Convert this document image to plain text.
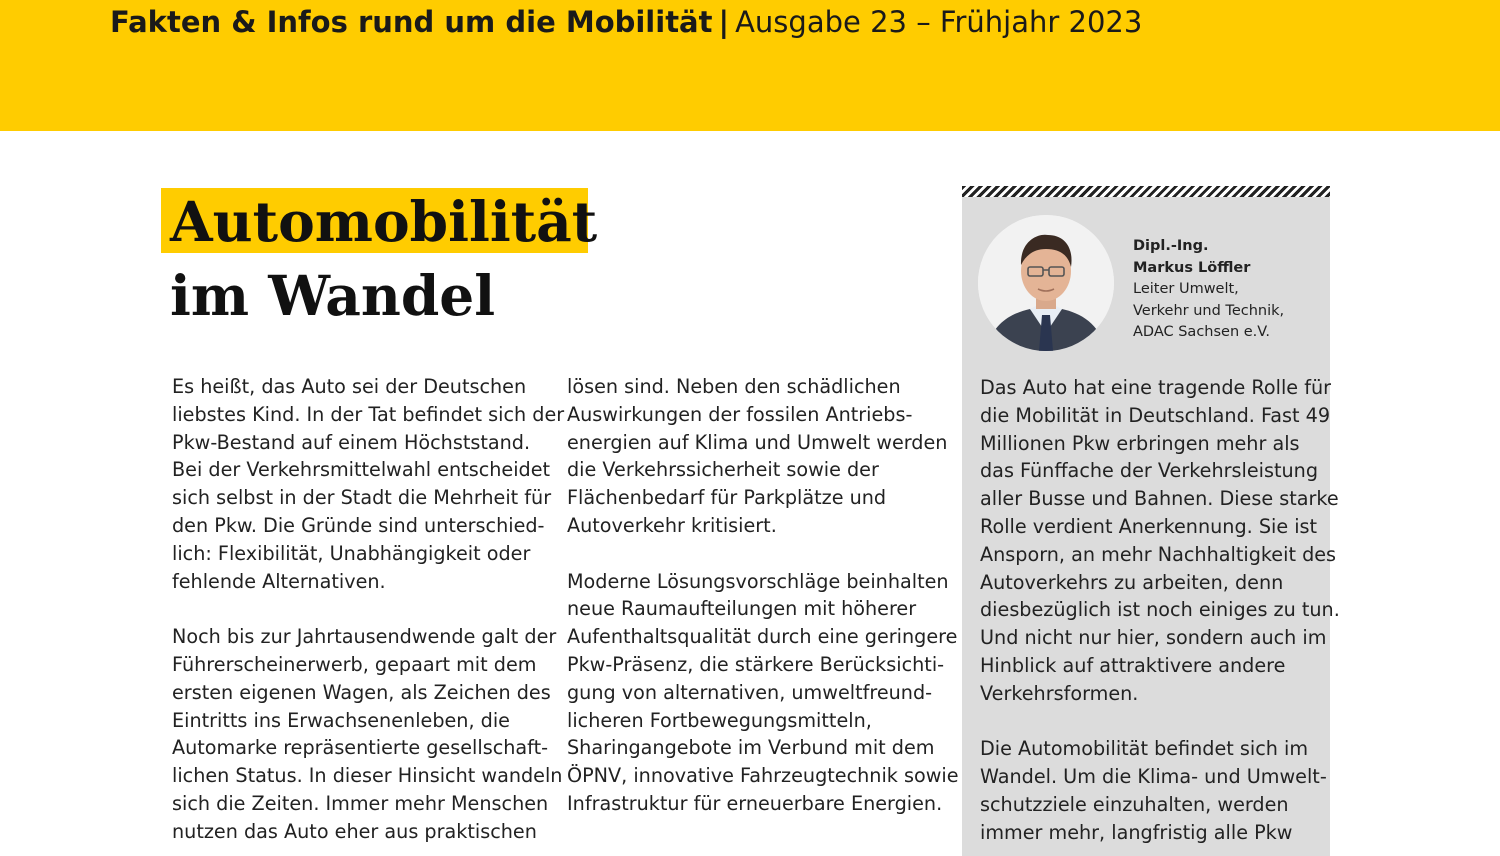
Fakten & Infos rund um die Mobilität | Ausgabe 23 – Frühjahr 2023
Automobilität
im Wandel

Es heißt, das Auto sei der Deutschen
liebstes Kind. In der Tat befindet sich der
Pkw-Bestand auf einem Höchststand.
Bei der Verkehrsmittelwahl entscheidet
sich selbst in der Stadt die Mehrheit für
den Pkw. Die Gründe sind unterschied-
lich: Flexibilität, Unabhängigkeit oder
fehlende Alternativen.

Noch bis zur Jahrtausendwende galt der
Führerscheinerwerb, gepaart mit dem
ersten eigenen Wagen, als Zeichen des
Eintritts ins Erwachsenenleben, die
Automarke repräsentierte gesellschaft-
lichen Status. In dieser Hinsicht wandeln
sich die Zeiten. Immer mehr Menschen
nutzen das Auto eher aus praktischen

lösen sind. Neben den schädlichen
Auswirkungen der fossilen Antriebs-
energien auf Klima und Umwelt werden
die Verkehrssicherheit sowie der
Flächenbedarf für Parkplätze und
Autoverkehr kritisiert.

Moderne Lösungsvorschläge beinhalten
neue Raumaufteilungen mit höherer
Aufenthaltsqualität durch eine geringere
Pkw-Präsenz, die stärkere Berücksichti-
gung von alternativen, umweltfreund-
licheren Fortbewegungsmitteln,
Sharingangebote im Verbund mit dem
ÖPNV, innovative Fahrzeugtechnik sowie
Infrastruktur für erneuerbare Energien.

Dipl.-Ing.
Markus Löffler
Leiter Umwelt,
Verkehr und Technik,
ADAC Sachsen e.V.

Das Auto hat eine tragende Rolle für
die Mobilität in Deutschland. Fast 49
Millionen Pkw erbringen mehr als
das Fünffache der Verkehrsleistung
aller Busse und Bahnen. Diese starke
Rolle verdient Anerkennung. Sie ist
Ansporn, an mehr Nachhaltigkeit des
Autoverkehrs zu arbeiten, denn
diesbezüglich ist noch einiges zu tun.
Und nicht nur hier, sondern auch im
Hinblick auf attraktivere andere
Verkehrsformen.

Die Automobilität befindet sich im
Wandel. Um die Klima- und Umwelt-
schutzziele einzuhalten, werden
immer mehr, langfristig alle Pkw
